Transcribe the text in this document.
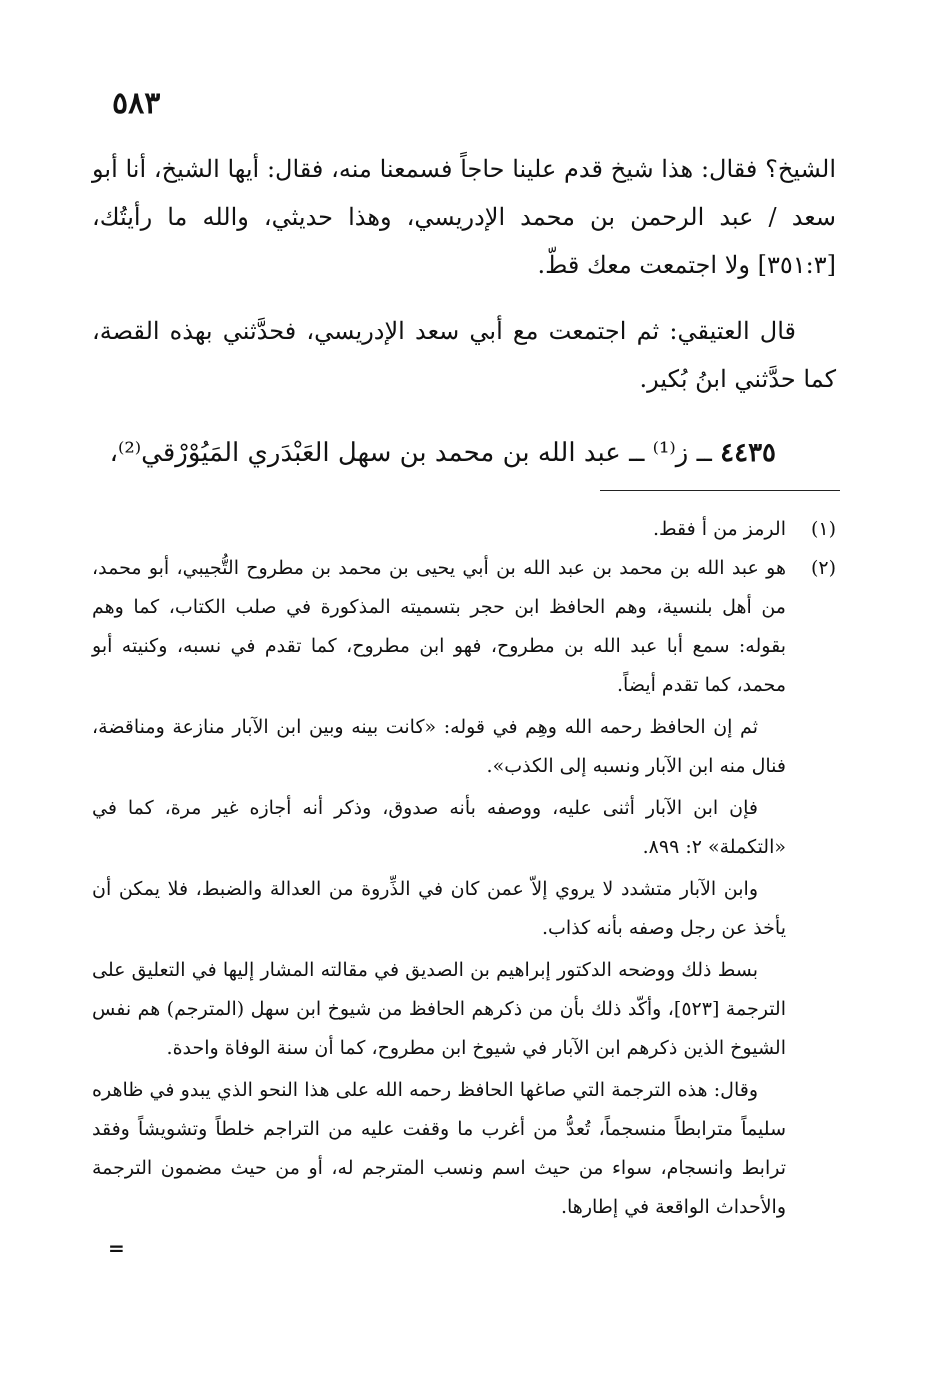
٥٨٣

الشيخ؟ فقال: هذا شيخ قدم علينا حاجاً فسمعنا منه، فقال: أيها الشيخ، أنا أبو سعد / عبد الرحمن بن محمد الإدريسي، وهذا حديثي، والله ما رأيتُك، [٣٥١:٣] ولا اجتمعت معك قطّ.

قال العتيقي: ثم اجتمعت مع أبي سعد الإدريسي، فحدَّثني بهذه القصة، كما حدَّثني ابنُ بُكير.

٤٤٣٥ ــ ز⁽¹⁾ ــ عبد الله بن محمد بن سهل العَبْدَري المَيُوْرْقي⁽²⁾،

(١)

الرمز من أ فقط.

(٢)

هو عبد الله بن محمد بن عبد الله بن أبي يحيى بن محمد بن مطروح التُّجيبي، أبو محمد، من أهل بلنسية، وهم الحافظ ابن حجر بتسميته المذكورة في صلب الكتاب، كما وهم بقوله: سمع أبا عبد الله بن مطروح، فهو ابن مطروح، كما تقدم في نسبه، وكنيته أبو محمد، كما تقدم أيضاً.

ثم إن الحافظ رحمه الله وهِم في قوله: «كانت بينه وبين ابن الآبار منازعة ومناقضة، فنال منه ابن الآبار ونسبه إلى الكذب».

فإن ابن الآبار أثنى عليه، ووصفه بأنه صدوق، وذكر أنه أجازه غير مرة، كما في «التكملة» ٢: ٨٩٩.

وابن الآبار متشدد لا يروي إلاّ عمن كان في الذِّروة من العدالة والضبط، فلا يمكن أن يأخذ عن رجل وصفه بأنه كذاب.

بسط ذلك ووضحه الدكتور إبراهيم بن الصديق في مقالته المشار إليها في التعليق على الترجمة [٥٢٣]، وأكّد ذلك بأن من ذكرهم الحافظ من شيوخ ابن سهل (المترجم) هم نفس الشيوخ الذين ذكرهم ابن الآبار في شيوخ ابن مطروح، كما أن سنة الوفاة واحدة.

وقال: هذه الترجمة التي صاغها الحافظ رحمه الله على هذا النحو الذي يبدو في ظاهره سليماً مترابطاً منسجماً، تُعدُّ من أغرب ما وقفت عليه من التراجم خلطاً وتشويشاً وفقد ترابط وانسجام، سواء من حيث اسم ونسب المترجم له، أو من حيث مضمون الترجمة والأحداث الواقعة في إطارها.

=
